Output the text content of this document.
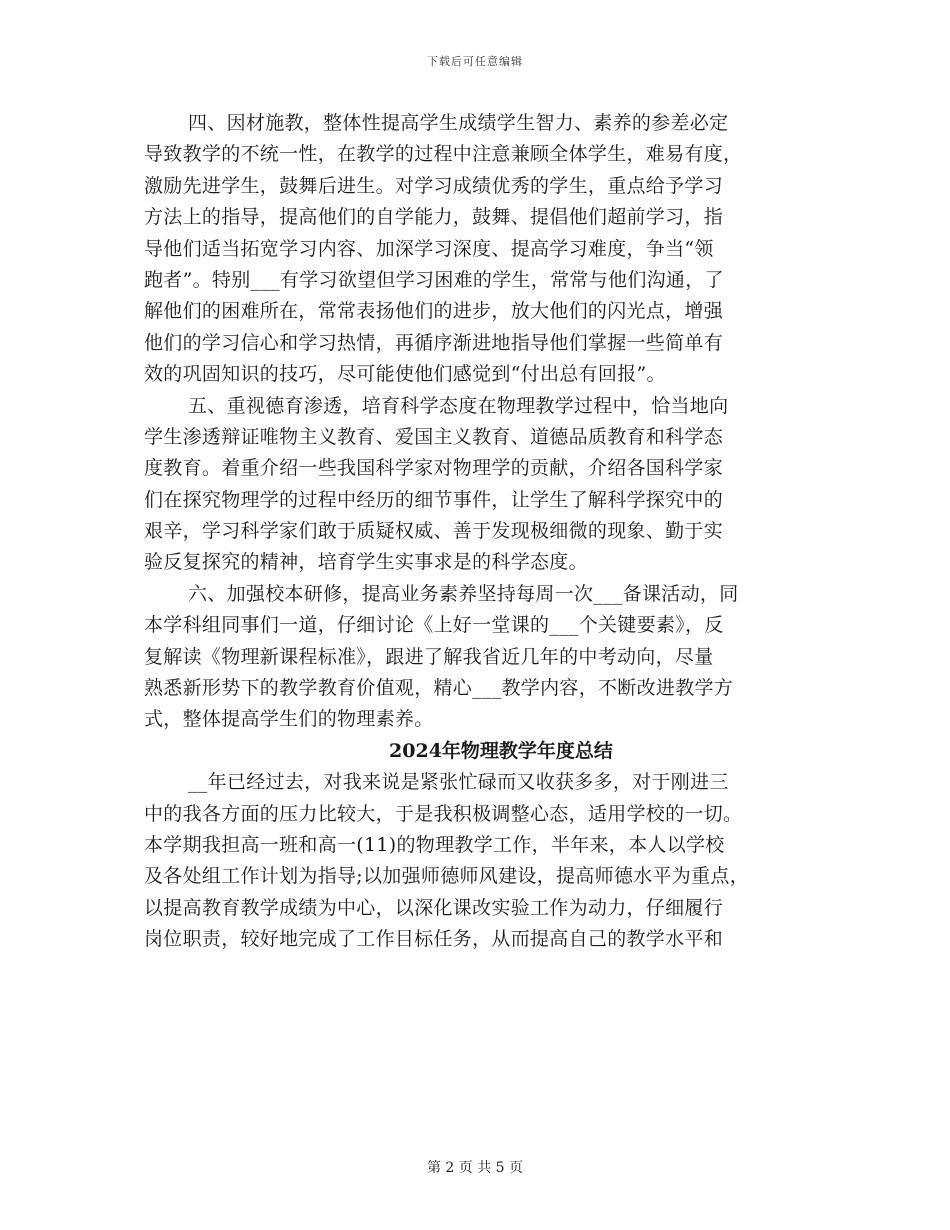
下载后可任意编辑
四、因材施教，整体性提高学生成绩学生智力、素养的参差必定
导致教学的不统一性，在教学的过程中注意兼顾全体学生，难易有度，
激励先进学生，鼓舞后进生。对学习成绩优秀的学生，重点给予学习
方法上的指导，提高他们的自学能力，鼓舞、提倡他们超前学习，指
导他们适当拓宽学习内容、加深学习深度、提高学习难度，争当“领
跑者”。特别___有学习欲望但学习困难的学生，常常与他们沟通，了
解他们的困难所在，常常表扬他们的进步，放大他们的闪光点，增强
他们的学习信心和学习热情，再循序渐进地指导他们掌握一些简单有
效的巩固知识的技巧，尽可能使他们感觉到“付出总有回报”。
五、重视德育渗透，培育科学态度在物理教学过程中，恰当地向
学生渗透辩证唯物主义教育、爱国主义教育、道德品质教育和科学态
度教育。着重介绍一些我国科学家对物理学的贡献，介绍各国科学家
们在探究物理学的过程中经历的细节事件，让学生了解科学探究中的
艰辛，学习科学家们敢于质疑权威、善于发现极细微的现象、勤于实
验反复探究的精神，培育学生实事求是的科学态度。
六、加强校本研修，提高业务素养坚持每周一次___备课活动，同
本学科组同事们一道，仔细讨论《上好一堂课的___个关键要素》，反
复解读《物理新课程标准》，跟进了解我省近几年的中考动向，尽量
熟悉新形势下的教学教育价值观，精心___教学内容，不断改进教学方
式，整体提高学生们的物理素养。
2024年物理教学年度总结
__年已经过去，对我来说是紧张忙碌而又收获多多，对于刚进三
中的我各方面的压力比较大，于是我积极调整心态，适用学校的一切。
本学期我担高一班和高一(11)的物理教学工作，半年来，本人以学校
及各处组工作计划为指导;以加强师德师风建设，提高师德水平为重点，
以提高教育教学成绩为中心，以深化课改实验工作为动力，仔细履行
岗位职责，较好地完成了工作目标任务，从而提高自己的教学水平和
第 2 页 共 5 页
